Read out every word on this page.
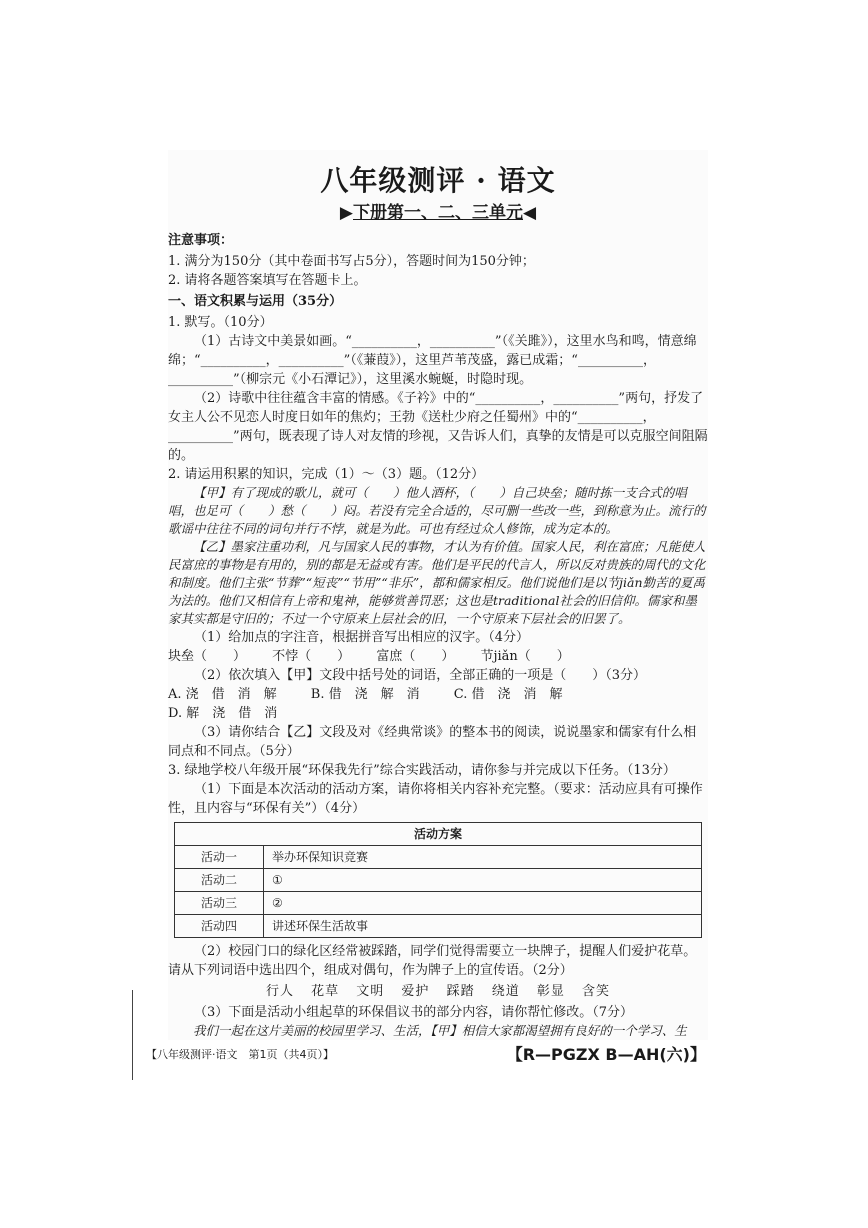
八年级测评 · 语文
▶下册第一、二、三单元◀
注意事项：

1. 满分为150分（其中卷面书写占5分），答题时间为150分钟；

2. 请将各题答案填写在答题卡上。

一、语文积累与运用（35分）

1. 默写。（10分）

（1）古诗文中美景如画。“__________，__________”（《关雎》），这里水鸟和鸣，情意绵绵；“__________，__________”（《蒹葭》），这里芦苇茂盛，露已成霜；“__________，__________”（柳宗元《小石潭记》），这里溪水蜿蜒，时隐时现。

（2）诗歌中往往蕴含丰富的情感。《子衿》中的“__________，__________”两句，抒发了女主人公不见恋人时度日如年的焦灼；王勃《送杜少府之任蜀州》中的“__________，__________”两句，既表现了诗人对友情的珍视，又告诉人们，真挚的友情是可以克服空间阻隔的。

2. 请运用积累的知识，完成（1）～（3）题。（12分）

【甲】有了现成的歌儿，就可（　　）他人酒杯，（　　）自己块垒；随时拣一支合式的唱唱，也足可（　　）愁（　　）闷。若没有完全合适的，尽可删一些改一些，到称意为止。流行的歌谣中往往不同的词句并行不悖，就是为此。可也有经过众人修饰，成为定本的。

【乙】墨家注重功利，凡与国家人民的事物，才认为有价值。国家人民，利在富庶；凡能使人民富庶的事物是有用的，别的都是无益或有害。他们是平民的代言人，所以反对贵族的周代的文化和制度。他们主张“节葬”“短丧”“节用”“非乐”，都和儒家相反。他们说他们是以节jiǎn勤苦的夏禹为法的。他们又相信有上帝和鬼神，能够赏善罚恶；这也是traditional社会的旧信仰。儒家和墨家其实都是守旧的；不过一个守原来上层社会的旧，一个守原来下层社会的旧罢了。

（1）给加点的字注音，根据拼音写出相应的汉字。（4分）

块垒（　　） 不悖（　　） 富庶（　　） 节jiǎn（　　）

（2）依次填入【甲】文段中括号处的词语，全部正确的一项是（　　）（3分）

A. 浇　借　消　解	B. 借　浇　解　消	C. 借　浇　消　解 D. 解　浇　借　消

（3）请你结合【乙】文段及对《经典常谈》的整本书的阅读，说说墨家和儒家有什么相同点和不同点。（5分）

3. 绿地学校八年级开展“环保我先行”综合实践活动，请你参与并完成以下任务。（13分）

（1）下面是本次活动的活动方案，请你将相关内容补充完整。（要求：活动应具有可操作性，且内容与“环保有关”）（4分）

活动方案	
活动一	举办环保知识竞赛
活动二	①
活动三	②
活动四	讲述环保生活故事

（2）校园门口的绿化区经常被踩踏，同学们觉得需要立一块牌子，提醒人们爱护花草。请从下列词语中选出四个，组成对偶句，作为牌子上的宣传语。（2分）

行人 花草 文明 爱护 踩踏 绕道 彰显 含笑

（3）下面是活动小组起草的环保倡议书的部分内容，请你帮忙修改。（7分）

我们一起在这片美丽的校园里学习、生活，【甲】相信大家都渴望拥有良好的一个学习、生

【八年级测评·语文　第1页（共4页）】	【R—PGZX B—AH(六)】
